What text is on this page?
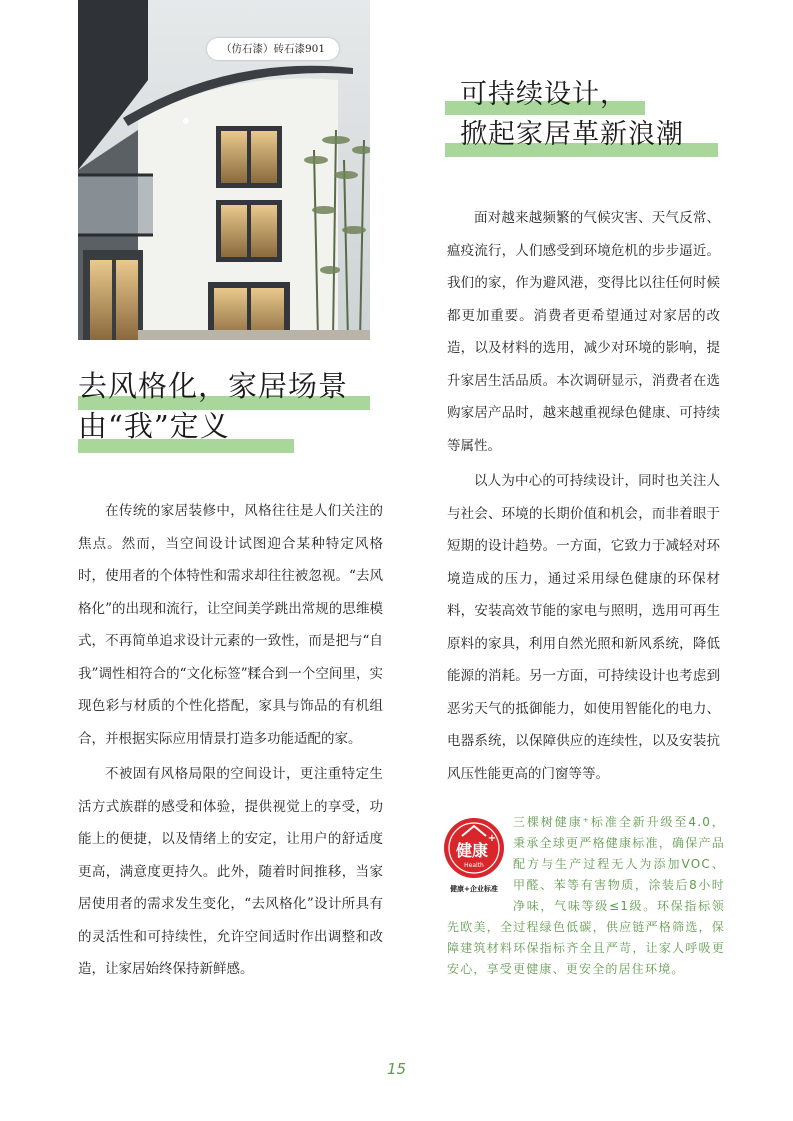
（仿石漆）砖石漆901
去风格化，家居场景
由“我”定义
可持续设计，
掀起家居革新浪潮

在传统的家居装修中，风格往往是人们关注的焦点。然而，当空间设计试图迎合某种特定风格时，使用者的个体特性和需求却往往被忽视。“去风格化”的出现和流行，让空间美学跳出常规的思维模式，不再简单追求设计元素的一致性，而是把与“自我”调性相符合的“文化标签”糅合到一个空间里，实现色彩与材质的个性化搭配，家具与饰品的有机组合，并根据实际应用情景打造多功能适配的家。

不被固有风格局限的空间设计，更注重特定生活方式族群的感受和体验，提供视觉上的享受，功能上的便捷，以及情绪上的安定，让用户的舒适度更高，满意度更持久。此外，随着时间推移，当家居使用者的需求发生变化，“去风格化”设计所具有的灵活性和可持续性，允许空间适时作出调整和改造，让家居始终保持新鲜感。

面对越来越频繁的气候灾害、天气反常、瘟疫流行，人们感受到环境危机的步步逼近。我们的家，作为避风港，变得比以往任何时候都更加重要。消费者更希望通过对家居的改造，以及材料的选用，减少对环境的影响，提升家居生活品质。本次调研显示，消费者在选购家居产品时，越来越重视绿色健康、可持续等属性。

以人为中心的可持续设计，同时也关注人与社会、环境的长期价值和机会，而非着眼于短期的设计趋势。一方面，它致力于减轻对环境造成的压力，通过采用绿色健康的环保材料，安装高效节能的家电与照明，选用可再生原料的家具，利用自然光照和新风系统，降低能源的消耗。另一方面，可持续设计也考虑到恶劣天气的抵御能力，如使用智能化的电力、电器系统，以保障供应的连续性，以及安装抗风压性能更高的门窗等等。

健康
+
Health
健康+企业标准
三棵树健康⁺标准全新升级至4.0，秉承全球更严格健康标准，确保产品配方与生产过程无人为添加VOC、甲醛、苯等有害物质，涂装后8小时净味，气味等级≤1级。环保指标领先欧美，全过程绿色低碳，供应链严格筛选，保障建筑材料环保指标齐全且严苛，让家人呼吸更安心，享受更健康、更安全的居住环境。
15
